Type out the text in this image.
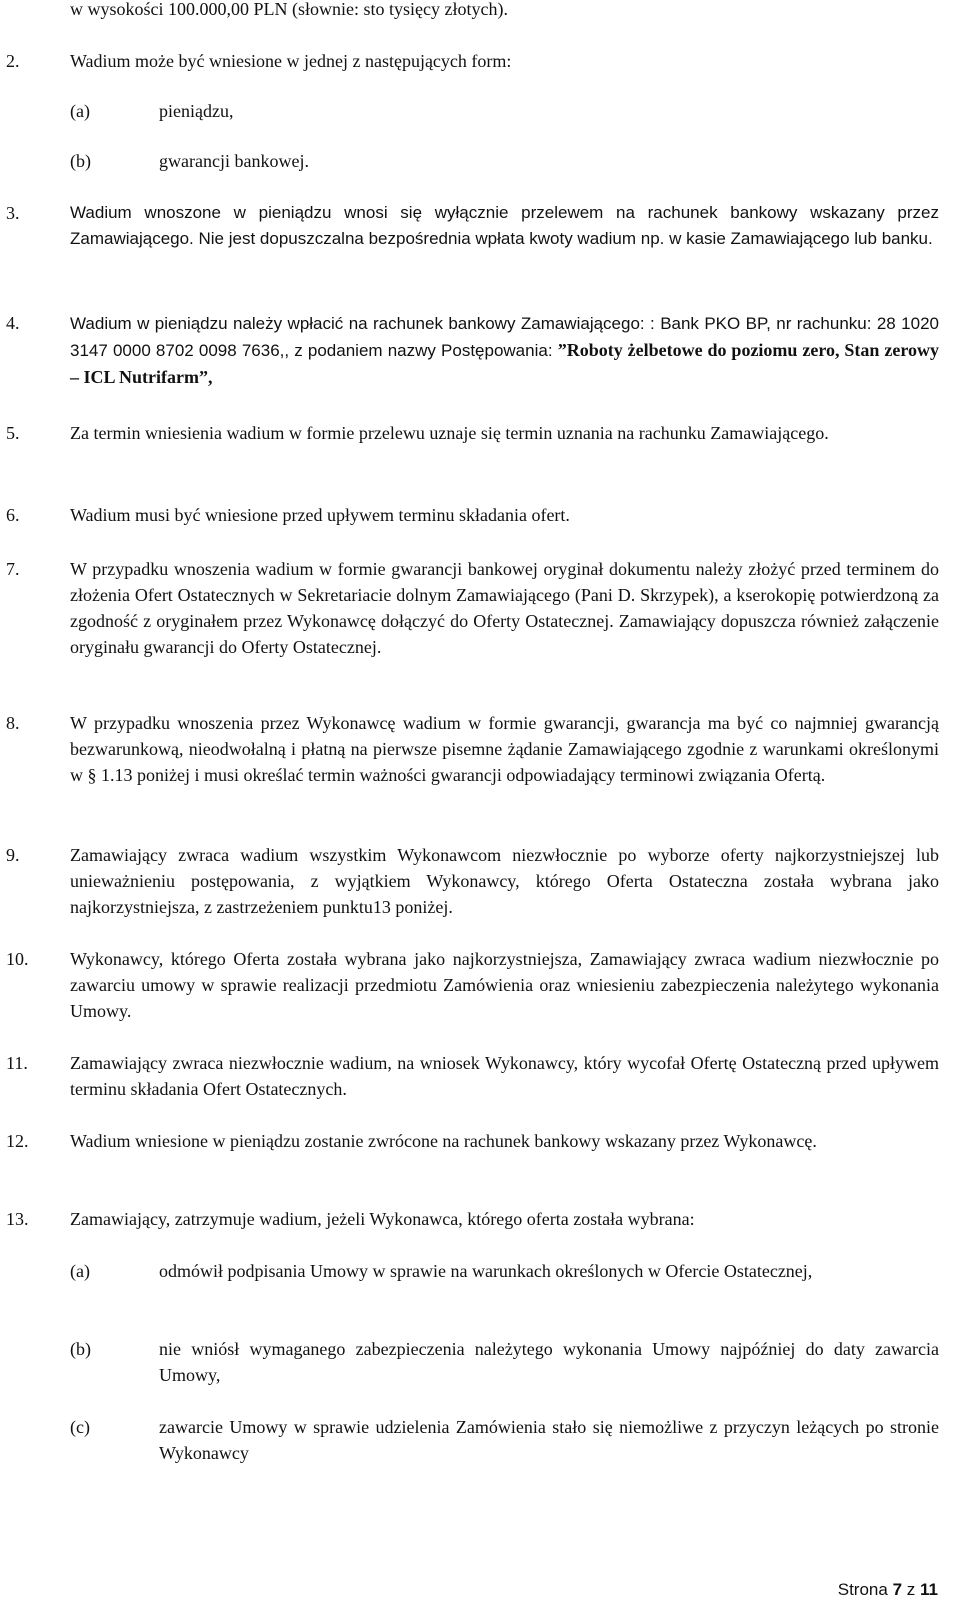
w wysokości 100.000,00 PLN (słownie: sto tysięcy złotych).
2.	Wadium może być wniesione w jednej z następujących form:
(a)	pieniądzu,
(b)	gwarancji bankowej.
3.	Wadium wnoszone w pieniądzu wnosi się wyłącznie przelewem na rachunek bankowy wskazany przez Zamawiającego. Nie jest dopuszczalna bezpośrednia wpłata kwoty wadium np. w kasie Zamawiającego lub banku.
4.	Wadium w pieniądzu należy wpłacić na rachunek bankowy Zamawiającego: : Bank PKO BP, nr rachunku: 28 1020 3147 0000 8702 0098 7636,, z podaniem nazwy Postępowania: ”Roboty żelbetowe do poziomu zero, Stan zerowy – ICL Nutrifarm”,
5.	Za termin wniesienia wadium w formie przelewu uznaje się termin uznania na rachunku Zamawiającego.
6.	Wadium musi być wniesione przed upływem terminu składania ofert.
7.	W przypadku wnoszenia wadium w formie gwarancji bankowej oryginał dokumentu należy złożyć przed terminem do złożenia Ofert Ostatecznych w Sekretariacie dolnym Zamawiającego (Pani D. Skrzypek), a kserokopię potwierdzoną za zgodność z oryginałem przez Wykonawcę dołączyć do Oferty Ostatecznej. Zamawiający dopuszcza również załączenie oryginału gwarancji do Oferty Ostatecznej.
8.	W przypadku wnoszenia przez Wykonawcę wadium w formie gwarancji, gwarancja ma być co najmniej gwarancją bezwarunkową, nieodwołalną i płatną na pierwsze pisemne żądanie Zamawiającego zgodnie z warunkami określonymi w § 1.13 poniżej i musi określać termin ważności gwarancji odpowiadający terminowi związania Ofertą.
9.	Zamawiający zwraca wadium wszystkim Wykonawcom niezwłocznie po wyborze oferty najkorzystniejszej lub unieważnieniu postępowania, z wyjątkiem Wykonawcy, którego Oferta Ostateczna została wybrana jako najkorzystniejsza, z zastrzeżeniem punktu13 poniżej.
10. Wykonawcy, którego Oferta została wybrana jako najkorzystniejsza, Zamawiający zwraca wadium niezwłocznie po zawarciu umowy w sprawie realizacji przedmiotu Zamówienia oraz wniesieniu zabezpieczenia należytego wykonania Umowy.
11. Zamawiający zwraca niezwłocznie wadium, na wniosek Wykonawcy, który wycofał Ofertę Ostateczną przed upływem terminu składania Ofert Ostatecznych.
12. Wadium wniesione w pieniądzu zostanie zwrócone na rachunek bankowy wskazany przez Wykonawcę.
13. Zamawiający, zatrzymuje wadium, jeżeli Wykonawca, którego oferta została wybrana:
(a)	odmówił podpisania Umowy w sprawie na warunkach określonych w Ofercie Ostatecznej,
(b)	nie wniósł wymaganego zabezpieczenia należytego wykonania Umowy najpóźniej do daty zawarcia Umowy,
(c)	zawarcie Umowy w sprawie udzielenia Zamówienia stało się niemożliwe z przyczyn leżących po stronie Wykonawcy
Strona 7 z 11
